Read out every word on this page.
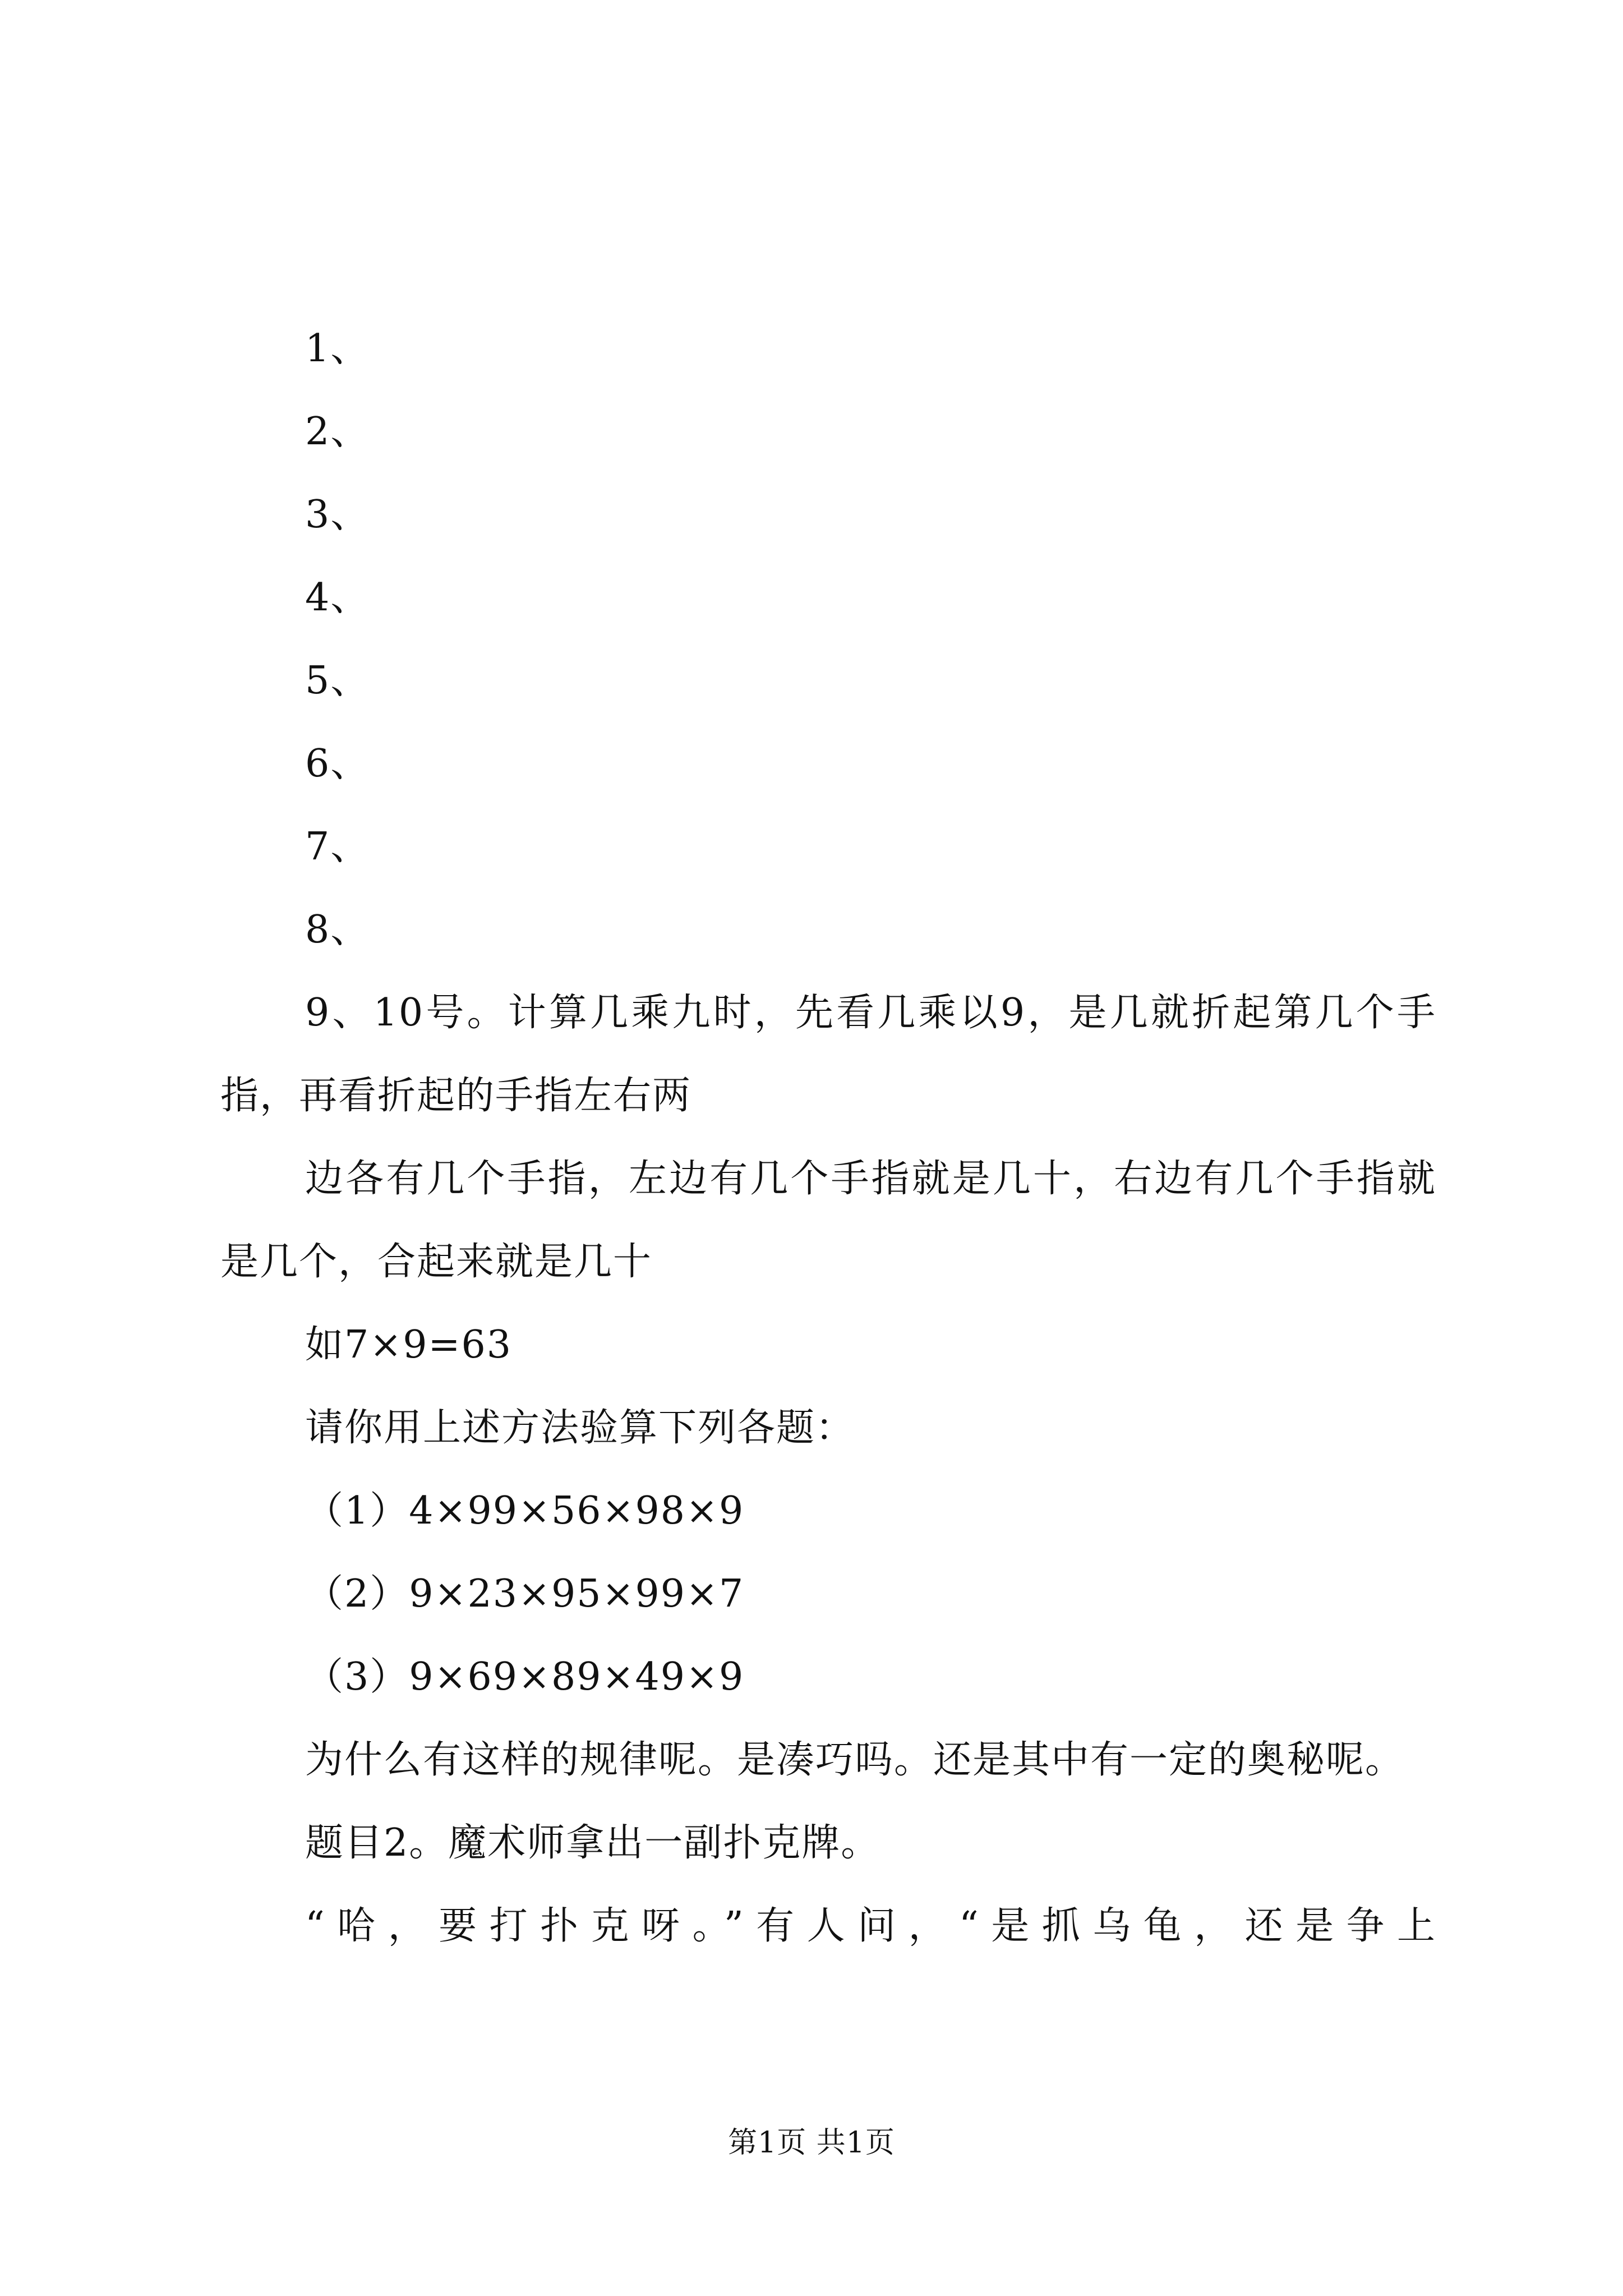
1、

2、

3、

4、

5、

6、

7、

8、

9、10号。计算几乘九时，先看几乘以9，是几就折起第几个手指，再看折起的手指左右两

边各有几个手指，左边有几个手指就是几十，右边有几个手指就是几个，合起来就是几十

如7×9=63

请你用上述方法验算下列各题：

（1）4×99×56×98×9

（2）9×23×95×99×7

（3）9×69×89×49×9

为什么有这样的规律呢。是凑巧吗。还是其中有一定的奥秘呢。

题目2。魔术师拿出一副扑克牌。

“哈，要打扑克呀。”有人问，“是抓乌龟，还是争上

第1页 共1页
